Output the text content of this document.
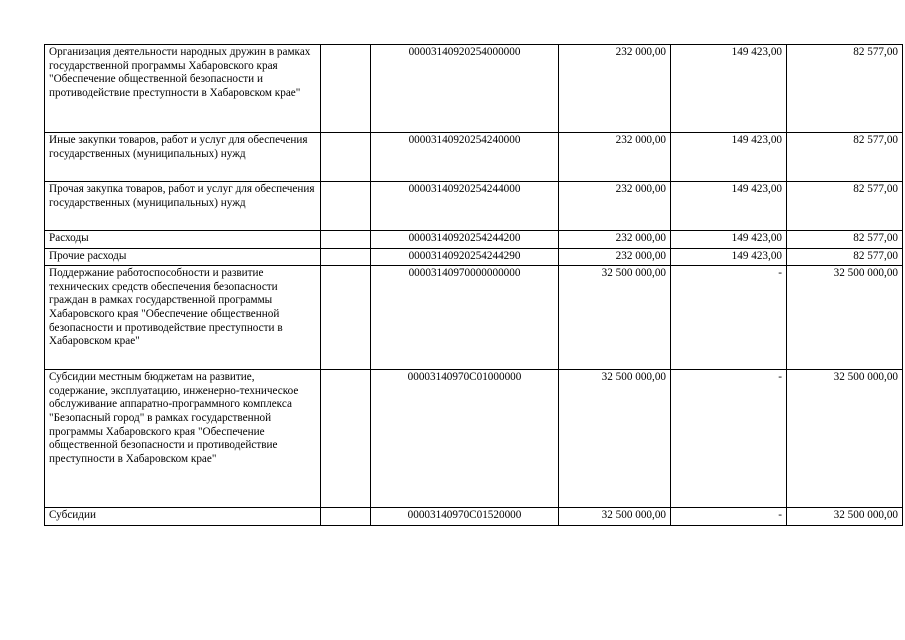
Организация деятельности народных дружин в рамках государственной программы Хабаровского края "Обеспечение общественной безопасности и противодействие преступности в Хабаровском крае"		00003140920254000000	232 000,00	149 423,00	82 577,00
Иные закупки товаров, работ и услуг для обеспечения государственных (муниципальных) нужд		00003140920254240000	232 000,00	149 423,00	82 577,00
Прочая закупка товаров, работ и услуг для обеспечения государственных (муниципальных) нужд		00003140920254244000	232 000,00	149 423,00	82 577,00
Расходы		00003140920254244200	232 000,00	149 423,00	82 577,00
Прочие расходы		00003140920254244290	232 000,00	149 423,00	82 577,00
Поддержание работоспособности и развитие технических средств обеспечения безопасности граждан в рамках государственной программы Хабаровского края "Обеспечение общественной безопасности и противодействие преступности в Хабаровском крае"		00003140970000000000	32 500 000,00	-	32 500 000,00
Субсидии местным бюджетам на развитие, содержание, эксплуатацию, инженерно-техническое обслуживание аппаратно-программного комплекса "Безопасный город" в рамках государственной программы Хабаровского края "Обеспечение общественной безопасности и противодействие преступности в Хабаровском крае"		00003140970C01000000	32 500 000,00	-	32 500 000,00
Субсидии		00003140970C01520000	32 500 000,00	-	32 500 000,00
